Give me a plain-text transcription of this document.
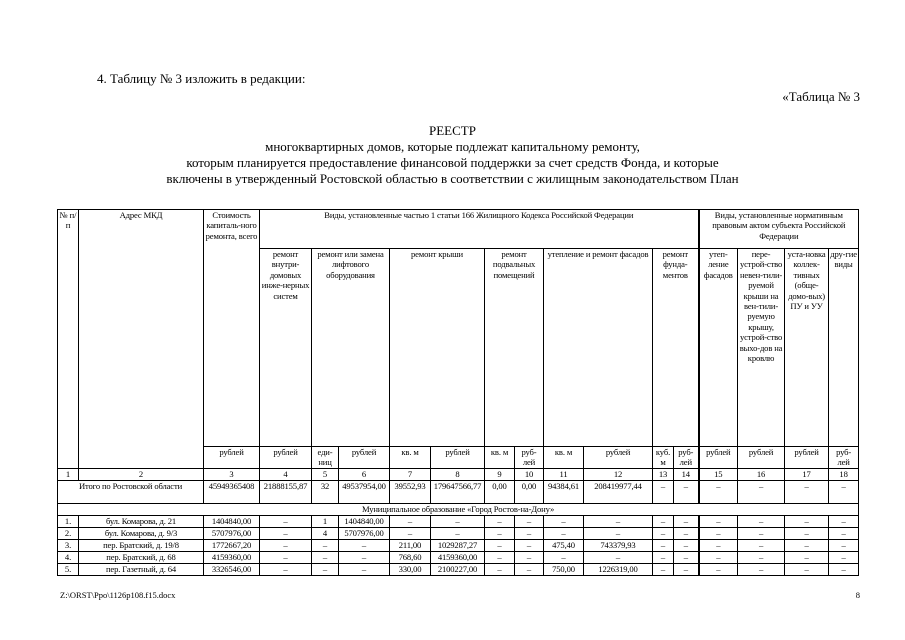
4. Таблицу № 3 изложить в редакции:
«Таблица № 3
РЕЕСТР
многоквартирных домов, которые подлежат капитальному ремонту,
которым планируется предоставление финансовой поддержки за счет средств Фонда, и которые
включены в утвержденный Ростовской областью в соответствии с жилищным законодательством План
№ п/п	Адрес МКД	Стоимость капиталь-ного ремонта, всего	Виды, установленные частью 1 статьи 166 Жилищного Кодекса Российской Федерации											Виды, установленные нормативным правовым актом субъекта Российской Федерации			
			ремонт внутри-домовых инже-нерных систем	ремонт или замена лифтового оборудования		ремонт крыши		ремонт подвальных помещений		утепление и ремонт фасадов		ремонт фунда-ментов		утеп-ление фасадов	пере-устрой-ство невен-тили-руемой крыши на вен-тили-руемую крышу, устрой-ство выхо-дов на кровлю	уста-новка коллек-тивных (обще-домо-вых) ПУ и УУ	дру-гие виды
		рублей	рублей	еди-ниц	рублей	кв. м	рублей	кв. м	руб-лей	кв. м	рублей	куб. м	руб-лей	рублей	рублей	рублей	руб-лей
1	2	3	4	5	6	7	8	9	10	11	12	13	14	15	16	17	18
Итого по Ростовской области		45949365408	21888155,87	32	49537954,00	39552,93	179647566,77	0,00	0,00	94384,61	208419977,44	–	–	–	–	–	–
Муниципальное образование «Город Ростов-на-Дону»																	
1.	бул. Комарова, д. 21	1404840,00	–	1	1404840,00	–	–	–	–	–	–	–	–	–	–	–	–
2.	бул. Комарова, д. 9/3	5707976,00	–	4	5707976,00	–	–	–	–	–	–	–	–	–	–	–	–
3.	пер. Братский, д. 19/8	1772667,20	–	–	–	211,00	1029287,27	–	–	475,40	743379,93	–	–	–	–	–	–
4.	пер. Братский, д. 68	4159360,00	–	–	–	768,60	4159360,00	–	–	–	–	–	–	–	–	–	–
5.	пер. Газетный, д. 64	3326546,00	–	–	–	330,00	2100227,00	–	–	750,00	1226319,00	–	–	–	–	–	–
Z:\ORST\Ppo\1126p108.f15.docx	8
